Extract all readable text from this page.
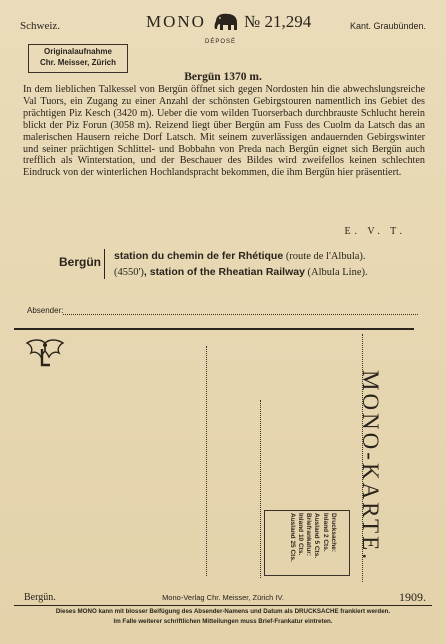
Schweiz.	MONO № 21,294	Kant. Graubünden.
DÉPOSÉ
Originalaufnahme
Chr. Meisser, Zürich
Bergün 1370 m.
In dem lieblichen Talkessel von Bergün öffnet sich gegen Nordosten hin die abwechslungsreiche Val Tuors, ein Zugang zu einer Anzahl der schönsten Gebirgstouren namentlich ins Gebiet des prächtigen Piz Kesch (3420 m). Ueber die vom wilden Tuorserbach durchbrauste Schlucht herein blickt der Piz Forun (3058 m). Reizend liegt über Bergün am Fuss des Cuolm da Latsch das an malerischen Hausern reiche Dorf Latsch. Mit seinem zuverlässigen andauernden Gebirgswinter und seiner prächtigen Schlittel- und Bobbahn von Preda nach Bergün eignet sich Bergün auch trefflich als Winterstation, und der Beschauer des Bildes wird zweifellos keinen schlechten Eindruck von der winterlichen Hochlandspracht bekommen, die ihm Bergün hier präsentiert.
E. V. T.
Bergün station du chemin de fer Rhétique (route de l'Albula).
(4550'), station of the Rheatian Railway (Albula Line).
Absender:
MONO-KARTE.
Drucksache:
Inland 2 Cts.
Ausland 5 Cts.
Briefrankatur:
Inland 10 Cts.
Ausland 25 Cts.
Bergün.	Mono-Verlag Chr. Meisser, Zürich IV.	1909.
Dieses MONO kann mit blosser Beifügung des Absender-Namens und Datum als DRUCKSACHE frankiert werden.
Im Falle weiterer schriftlichen Mitteilungen muss Brief-Frankatur eintreten.
